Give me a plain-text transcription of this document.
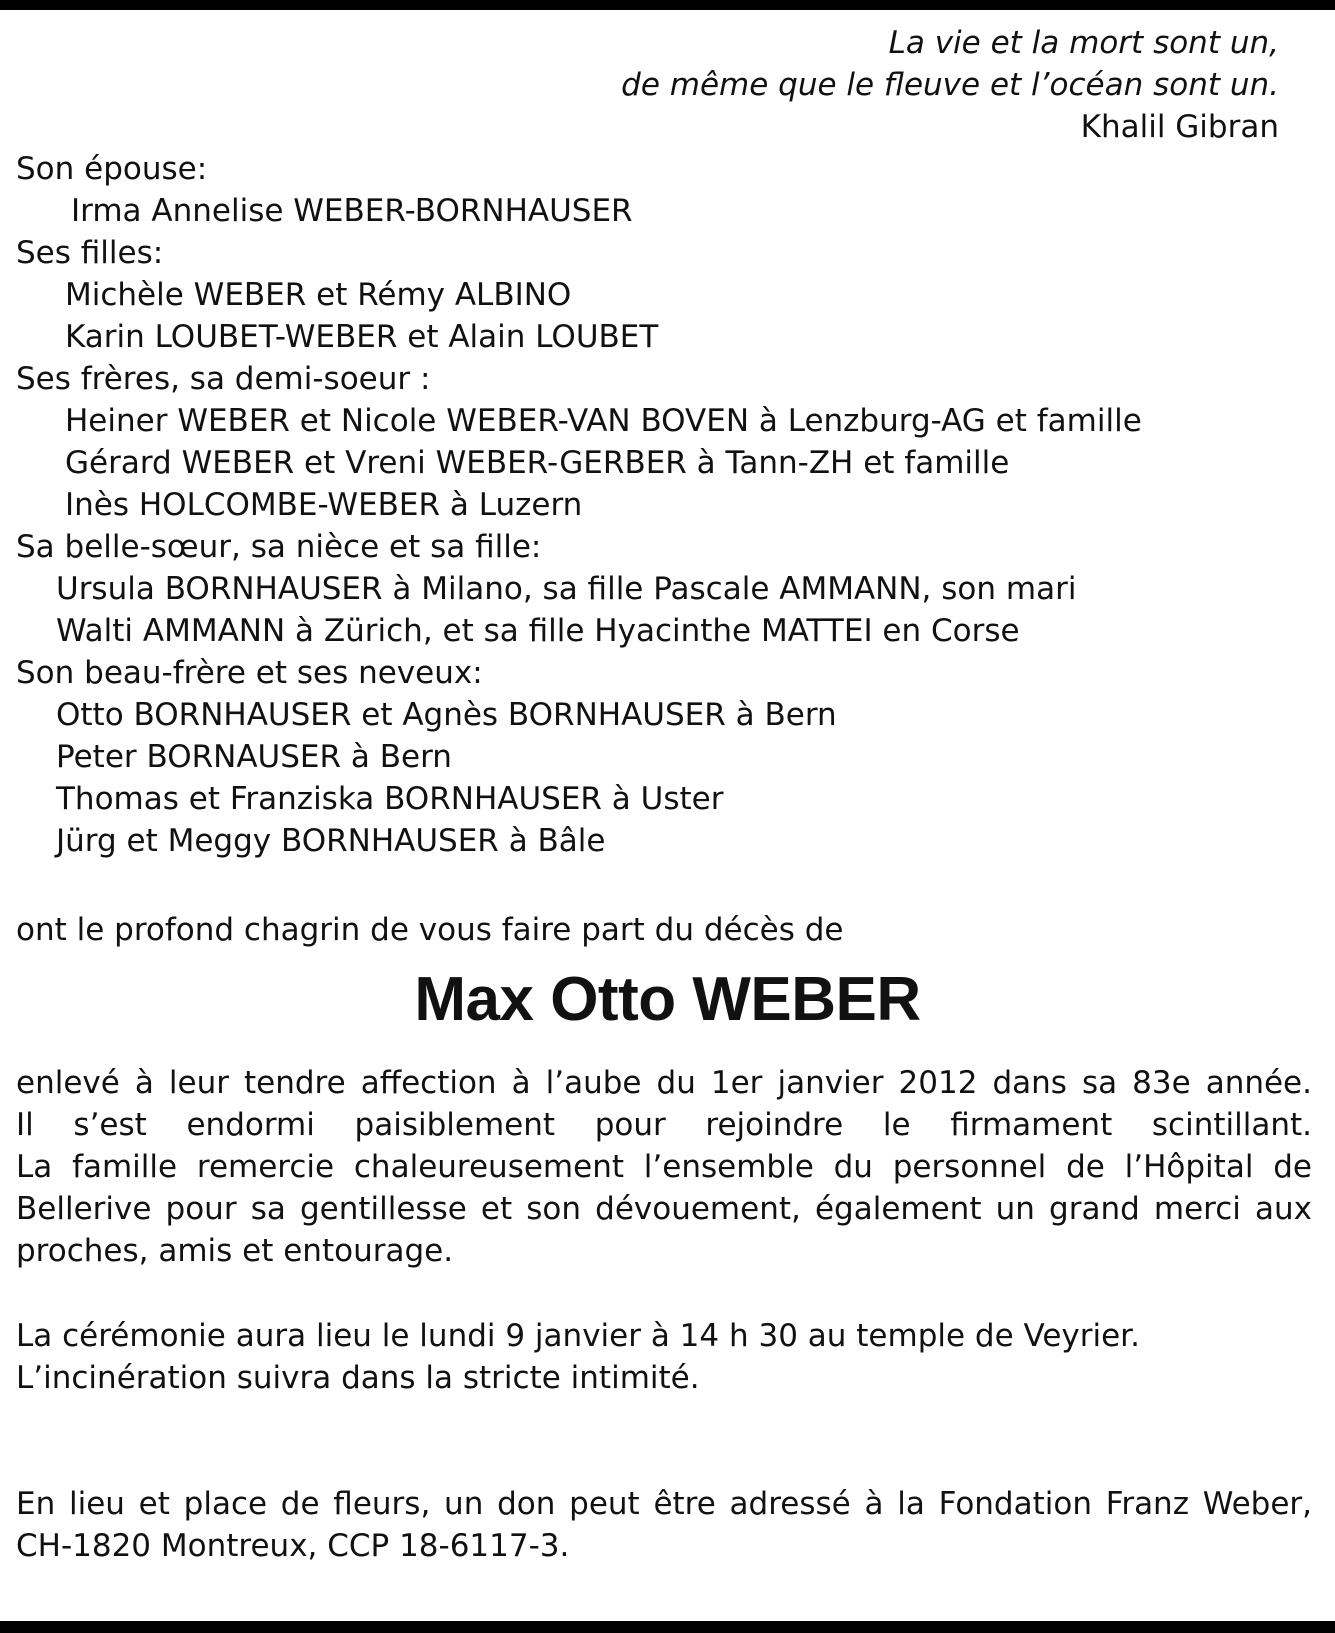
La vie et la mort sont un,
de même que le fleuve et l’océan sont un.
Khalil Gibran
Son épouse:
Irma Annelise WEBER-BORNHAUSER
Ses filles:
Michèle WEBER et Rémy ALBINO
Karin LOUBET-WEBER et Alain LOUBET
Ses frères, sa demi-soeur :
Heiner WEBER et Nicole WEBER-VAN BOVEN à Lenzburg-AG et famille
Gérard WEBER et Vreni WEBER-GERBER à Tann-ZH et famille
Inès HOLCOMBE-WEBER à Luzern
Sa belle-sœur, sa nièce et sa fille:
Ursula BORNHAUSER à Milano, sa fille Pascale AMMANN, son mari
Walti AMMANN à Zürich, et sa fille Hyacinthe MATTEI en Corse
Son beau-frère et ses neveux:
Otto BORNHAUSER et Agnès BORNHAUSER à Bern
Peter BORNAUSER à Bern
Thomas et Franziska BORNHAUSER à Uster
Jürg et Meggy BORNHAUSER à Bâle
ont le profond chagrin de vous faire part du décès de
Max Otto WEBER

enlevé à leur tendre affection à l’aube du 1er janvier 2012 dans sa 83e année.

Il s’est endormi paisiblement pour rejoindre le firmament scintillant.

La famille remercie chaleureusement l’ensemble du personnel de l’Hôpital de Bellerive pour sa gentillesse et son dévouement, également un grand merci aux proches, amis et entourage.

La cérémonie aura lieu le lundi 9 janvier à 14 h 30 au temple de Veyrier.

L’incinération suivra dans la stricte intimité.

En lieu et place de fleurs, un don peut être adressé à la Fondation Franz Weber, CH-1820 Montreux, CCP 18-6117-3.
